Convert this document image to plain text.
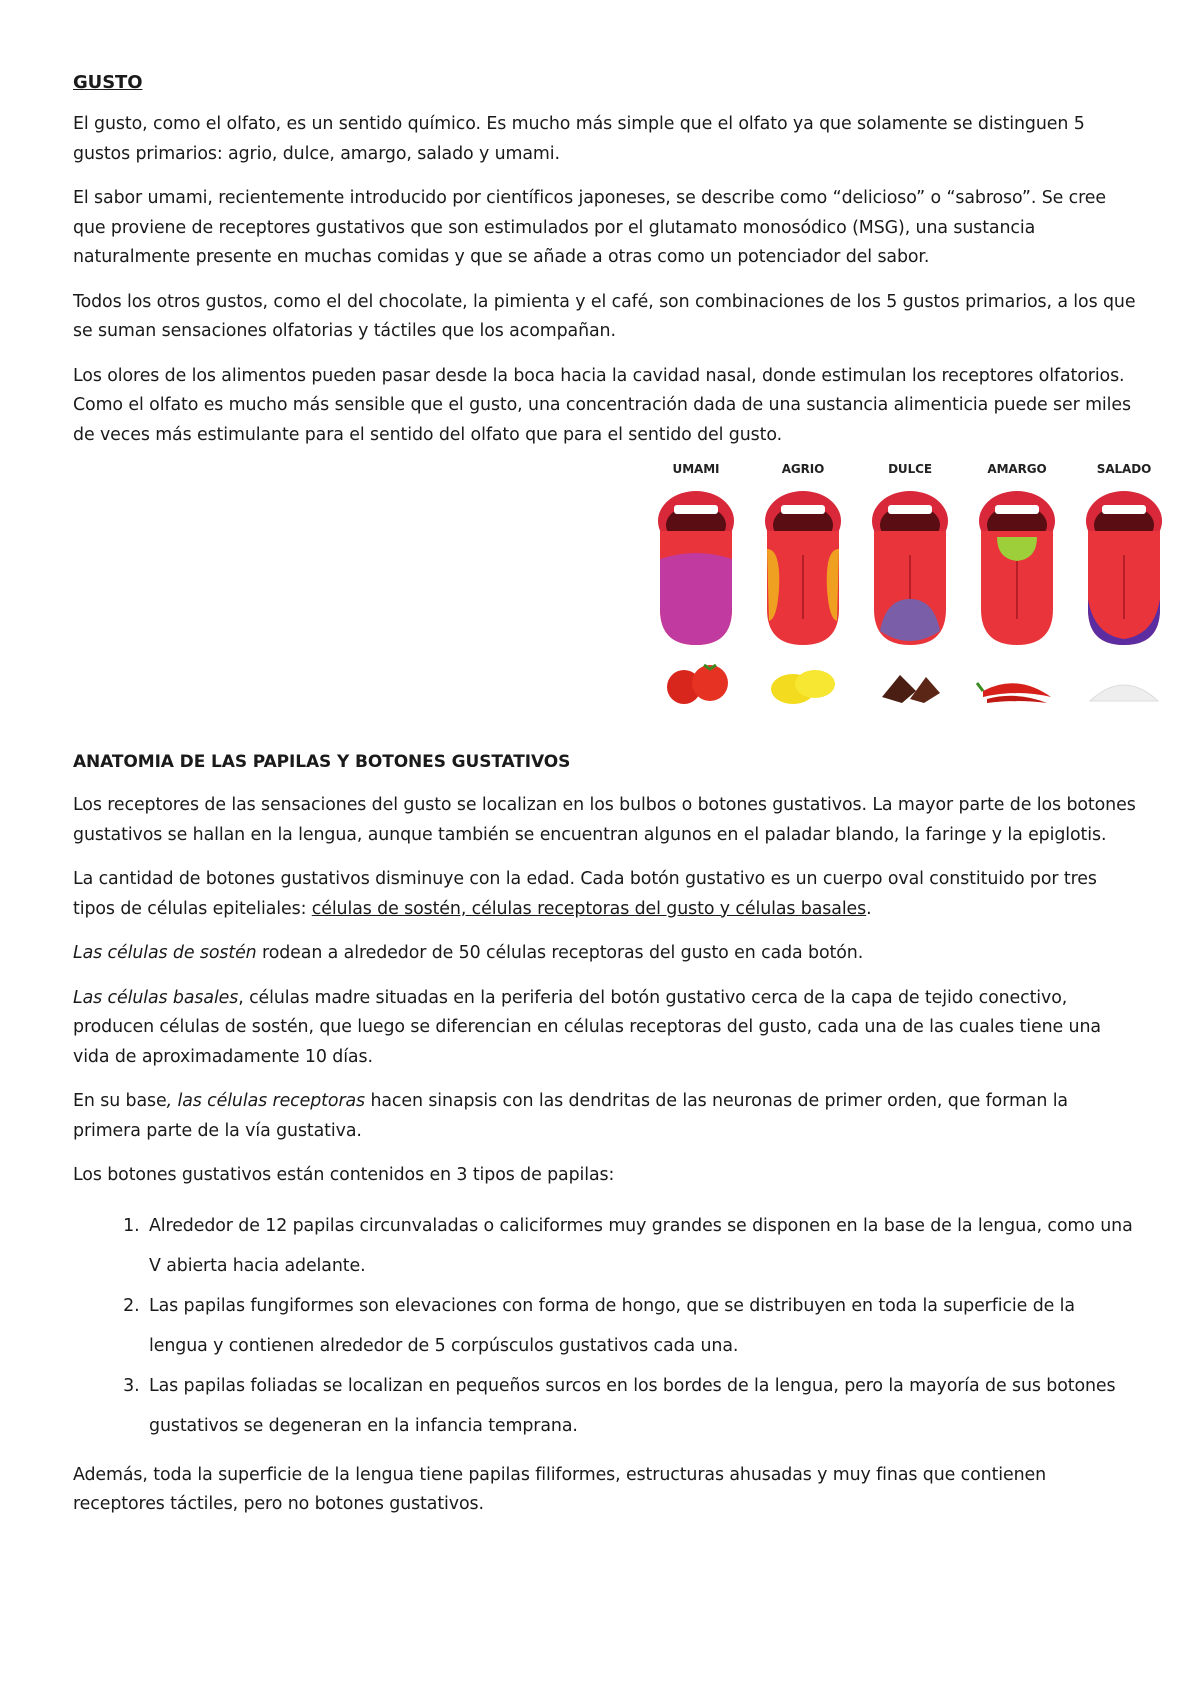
GUSTO

El gusto, como el olfato, es un sentido químico. Es mucho más simple que el olfato ya que solamente se distinguen 5 gustos primarios: agrio, dulce, amargo, salado y umami.

El sabor umami, recientemente introducido por científicos japoneses, se describe como “delicioso” o “sabroso”. Se cree que proviene de receptores gustativos que son estimulados por el glutamato monosódico (MSG), una sustancia naturalmente presente en muchas comidas y que se añade a otras como un potenciador del sabor.

Todos los otros gustos, como el del chocolate, la pimienta y el café, son combinaciones de los 5 gustos primarios, a los que se suman sensaciones olfatorias y táctiles que los acompañan.

Los olores de los alimentos pueden pasar desde la boca hacia la cavidad nasal, donde estimulan los receptores olfatorios. Como el olfato es mucho más sensible que el gusto, una concentración dada de una sustancia alimenticia puede ser miles de veces más estimulante para el sentido del olfato que para el sentido del gusto.

UMAMI	AGRIO	DULCE	AMARGO	SALADO
ANATOMIA DE LAS PAPILAS Y BOTONES GUSTATIVOS

Los receptores de las sensaciones del gusto se localizan en los bulbos o botones gustativos. La mayor parte de los botones gustativos se hallan en la lengua, aunque también se encuentran algunos en el paladar blando, la faringe y la epiglotis.

La cantidad de botones gustativos disminuye con la edad. Cada botón gustativo es un cuerpo oval constituido por tres tipos de células epiteliales: células de sostén, células receptoras del gusto y células basales.

Las células de sostén rodean a alrededor de 50 células receptoras del gusto en cada botón.

Las células basales, células madre situadas en la periferia del botón gustativo cerca de la capa de tejido conectivo, producen células de sostén, que luego se diferencian en células receptoras del gusto, cada una de las cuales tiene una vida de aproximadamente 10 días.

En su base, las células receptoras hacen sinapsis con las dendritas de las neuronas de primer orden, que forman la primera parte de la vía gustativa.

Los botones gustativos están contenidos en 3 tipos de papilas:

1. Alrededor de 12 papilas circunvaladas o caliciformes muy grandes se disponen en la base de la lengua, como una V abierta hacia adelante.
2. Las papilas fungiformes son elevaciones con forma de hongo, que se distribuyen en toda la superficie de la lengua y contienen alrededor de 5 corpúsculos gustativos cada una.
3. Las papilas foliadas se localizan en pequeños surcos en los bordes de la lengua, pero la mayoría de sus botones gustativos se degeneran en la infancia temprana.

Además, toda la superficie de la lengua tiene papilas filiformes, estructuras ahusadas y muy finas que contienen receptores táctiles, pero no botones gustativos.
